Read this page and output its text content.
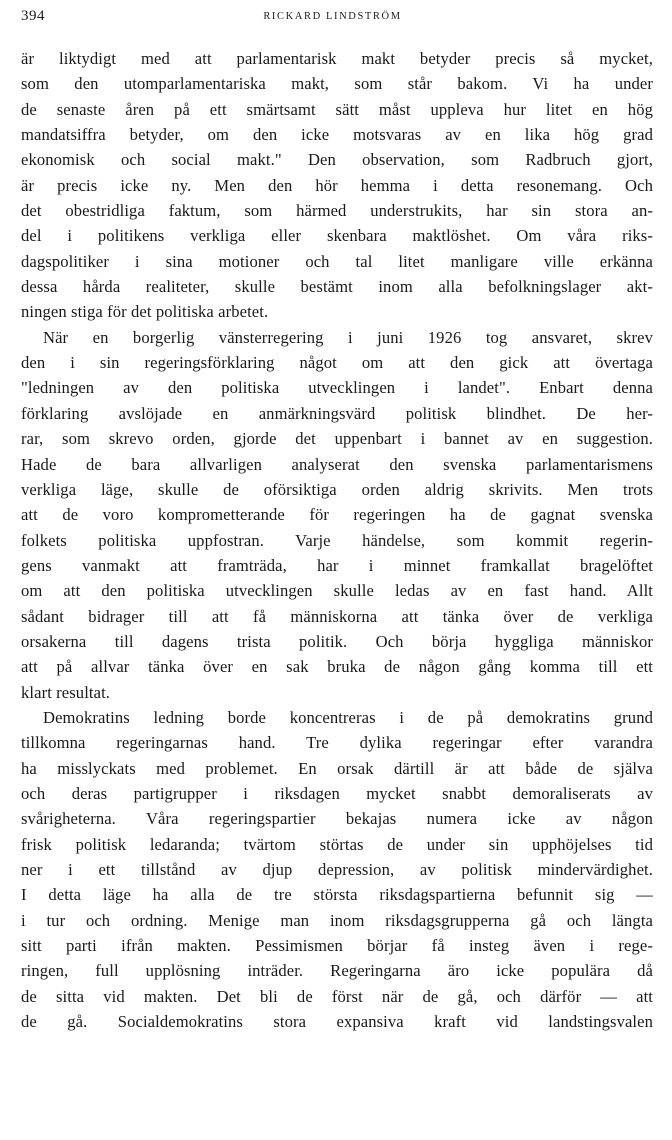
394	RICKARD LINDSTRÖM
är liktydigt med att parlamentarisk makt betyder precis så mycket,
som den utomparlamentariska makt, som står bakom. Vi ha under
de senaste åren på ett smärtsamt sätt måst uppleva hur litet en hög
mandatsiffra betyder, om den icke motsvaras av en lika hög grad
ekonomisk och social makt." Den observation, som Radbruch gjort,
är precis icke ny. Men den hör hemma i detta resonemang. Och
det obestridliga faktum, som härmed understrukits, har sin stora an-
del i politikens verkliga eller skenbara maktlöshet. Om våra riks-
dagspolitiker i sina motioner och tal litet manligare ville erkänna
dessa hårda realiteter, skulle bestämt inom alla befolkningslager akt-
ningen stiga för det politiska arbetet.
När en borgerlig vänsterregering i juni 1926 tog ansvaret, skrev
den i sin regeringsförklaring något om att den gick att övertaga
"ledningen av den politiska utvecklingen i landet". Enbart denna
förklaring avslöjade en anmärkningsvärd politisk blindhet. De her-
rar, som skrevo orden, gjorde det uppenbart i bannet av en suggestion.
Hade de bara allvarligen analyserat den svenska parlamentarismens
verkliga läge, skulle de oförsiktiga orden aldrig skrivits. Men trots
att de voro komprometterande för regeringen ha de gagnat svenska
folkets politiska uppfostran. Varje händelse, som kommit regerin-
gens vanmakt att framträda, har i minnet framkallat bragelöftet
om att den politiska utvecklingen skulle ledas av en fast hand. Allt
sådant bidrager till att få människorna att tänka över de verkliga
orsakerna till dagens trista politik. Och börja hyggliga människor
att på allvar tänka över en sak bruka de någon gång komma till ett
klart resultat.
Demokratins ledning borde koncentreras i de på demokratins grund
tillkomna regeringarnas hand. Tre dylika regeringar efter varandra
ha misslyckats med problemet. En orsak därtill är att både de själva
och deras partigrupper i riksdagen mycket snabbt demoraliserats av
svårigheterna. Våra regeringspartier bekajas numera icke av någon
frisk politisk ledaranda; tvärtom störtas de under sin upphöjelses tid
ner i ett tillstånd av djup depression, av politisk mindervärdighet.
I detta läge ha alla de tre största riksdagspartierna befunnit sig —
i tur och ordning. Menige man inom riksdagsgrupperna gå och längta
sitt parti ifrån makten. Pessimismen börjar få insteg även i rege-
ringen, full upplösning inträder. Regeringarna äro icke populära då
de sitta vid makten. Det bli de först när de gå, och därför — att
de gå. Socialdemokratins stora expansiva kraft vid landstingsvalen
